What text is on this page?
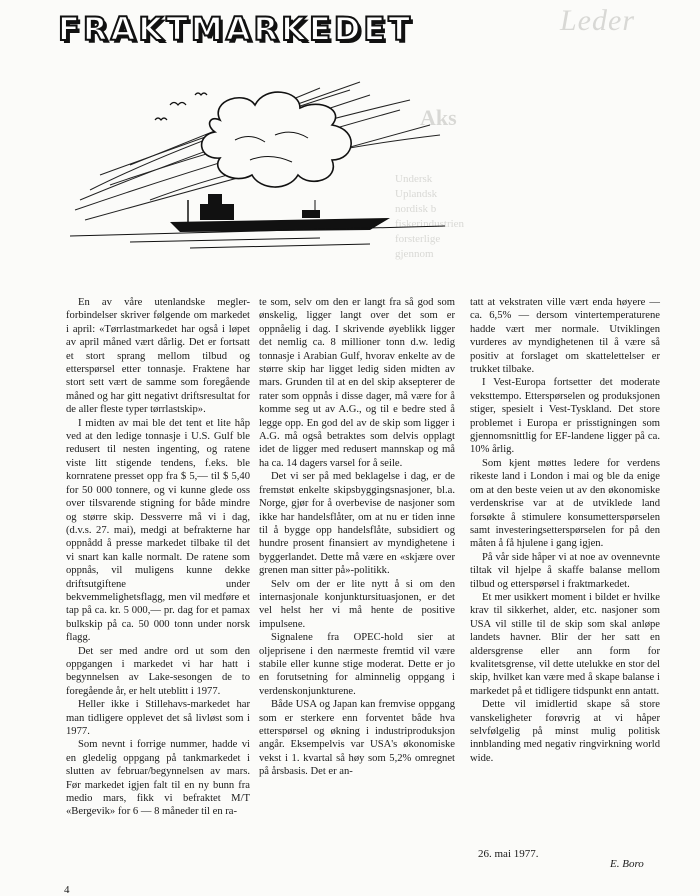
Leder
Aks
Undersk
Uplandsk
nordisk b
fiskerindustrien
forsterlige
gjennom
FRAKTMARKEDET

En av våre utenlandske megler-forbindelser skriver følgende om markedet i april: «Tørrlastmarkedet har også i løpet av april måned vært dårlig. Det er fortsatt et stort sprang mellom tilbud og etterspørsel etter tonnasje. Fraktene har stort sett vært de samme som foregående måned og har gitt negativt driftsresultat for de aller fleste typer tørrlastskip».

I midten av mai ble det tent et lite håp ved at den ledige tonnasje i U.S. Gulf ble redusert til nesten ingenting, og ratene viste litt stigende tendens, f.eks. ble kornratene presset opp fra $ 5,— til $ 5,40 for 50 000 tonnere, og vi kunne glede oss over tilsvarende stigning for både mindre og større skip. Dessverre må vi i dag, (d.v.s. 27. mai), medgi at befrakterne har oppnådd å presse markedet tilbake til det vi snart kan kalle normalt. De ratene som oppnås, vil muligens kunne dekke driftsutgiftene under bekvemmelighetsflagg, men vil medføre et tap på ca. kr. 5 000,— pr. dag for et pamax bulkskip på ca. 50 000 tonn under norsk flagg.

Det ser med andre ord ut som den oppgangen i markedet vi har hatt i begynnelsen av Lake-sesongen de to foregående år, er helt uteblitt i 1977.

Heller ikke i Stillehavs-markedet har man tidligere opplevet det så livløst som i 1977.

Som nevnt i forrige nummer, hadde vi en gledelig oppgang på tankmarkedet i slutten av februar/begynnelsen av mars. Før markedet igjen falt til en ny bunn fra medio mars, fikk vi befraktet M/T «Bergevik» for 6 — 8 måneder til en ra-

te som, selv om den er langt fra så god som ønskelig, ligger langt over det som er oppnåelig i dag. I skrivende øyeblikk ligger det nemlig ca. 8 millioner tonn d.w. ledig tonnasje i Arabian Gulf, hvorav enkelte av de større skip har ligget ledig siden midten av mars. Grunden til at en del skip aksepterer de rater som oppnås i disse dager, må være for å komme seg ut av A.G., og til e bedre sted å legge opp. En god del av de skip som ligger i A.G. må også betraktes som delvis opplagt idet de ligger med redusert mannskap og må ha ca. 14 dagers varsel for å seile.

Det vi ser på med beklagelse i dag, er de fremstøt enkelte skipsbyggingsnasjoner, bl.a. Norge, gjør for å overbevise de nasjoner som ikke har handelsflåter, om at nu er tiden inne til å bygge opp handelsflåte, subsidiert og hundre prosent finansiert av myndighetene i byggerlandet. Dette må være en «skjære over grenen man sitter på»-politikk.

Selv om der er lite nytt å si om den internasjonale konjunktursituasjonen, er det vel helst her vi må hente de positive impulsene.

Signalene fra OPEC-hold sier at oljeprisene i den nærmeste fremtid vil være stabile eller kunne stige moderat. Dette er jo en forutsetning for alminnelig oppgang i verdenskonjunkturene.

Både USA og Japan kan fremvise oppgang som er sterkere enn forventet både hva etterspørsel og økning i industriproduksjon angår. Eksempelvis var USA's økonomiske vekst i 1. kvartal så høy som 5,2% omregnet på årsbasis. Det er an-

tatt at vekstraten ville vært enda høyere — ca. 6,5% — dersom vintertemperaturene hadde vært mer normale. Utviklingen vurderes av myndighetenen til å være så positiv at forslaget om skattelettelser er trukket tilbake.

I Vest-Europa fortsetter det moderate veksttempo. Etterspørselen og produksjonen stiger, spesielt i Vest-Tyskland. Det store problemet i Europa er prisstigningen som gjennomsnittlig for EF-landene ligger på ca. 10% årlig.

Som kjent møttes ledere for verdens rikeste land i London i mai og ble da enige om at den beste veien ut av den økonomiske verdenskrise var at de utviklede land forsøkte å stimulere konsumetterspørselen samt investeringsetterspørselen for på den måten å få hjulene i gang igjen.

På vår side håper vi at noe av ovennevnte tiltak vil hjelpe å skaffe balanse mellom tilbud og etterspørsel i fraktmarkedet.

Et mer usikkert moment i bildet er hvilke krav til sikkerhet, alder, etc. nasjoner som USA vil stille til de skip som skal anløpe landets havner. Blir der her satt en aldersgrense eller ann form for kvalitetsgrense, vil dette utelukke en stor del skip, hvilket kan være med å skape balanse i markedet på et tidligere tidspunkt enn antatt.

Dette vil imidlertid skape så store vanskeligheter forøvrig at vi håper selvfølgelig på minst mulig politisk innblanding med negativ ringvirkning world wide.

26. mai 1977.
E. Boro
4
